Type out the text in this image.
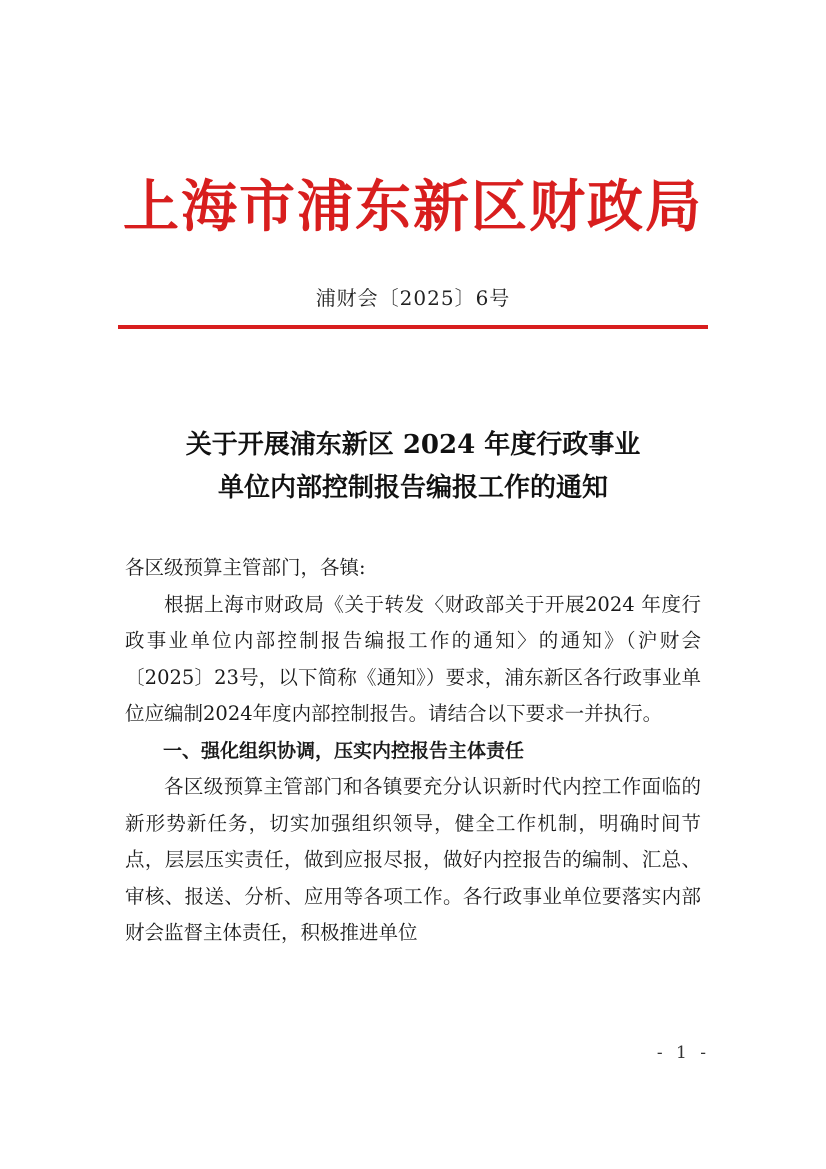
上海市浦东新区财政局
浦财会〔2025〕6号
关于开展浦东新区 2024 年度行政事业
单位内部控制报告编报工作的通知

各区级预算主管部门，各镇:

根据上海市财政局《关于转发〈财政部关于开展2024 年度行政事业单位内部控制报告编报工作的通知〉的通知》（沪财会〔2025〕23号，以下简称《通知》）要求，浦东新区各行政事业单位应编制2024年度内部控制报告。请结合以下要求一并执行。

一、强化组织协调，压实内控报告主体责任

各区级预算主管部门和各镇要充分认识新时代内控工作面临的新形势新任务，切实加强组织领导，健全工作机制，明确时间节点，层层压实责任，做到应报尽报，做好内控报告的编制、汇总、审核、报送、分析、应用等各项工作。各行政事业单位要落实内部财会监督主体责任，积极推进单位

- 1 -
